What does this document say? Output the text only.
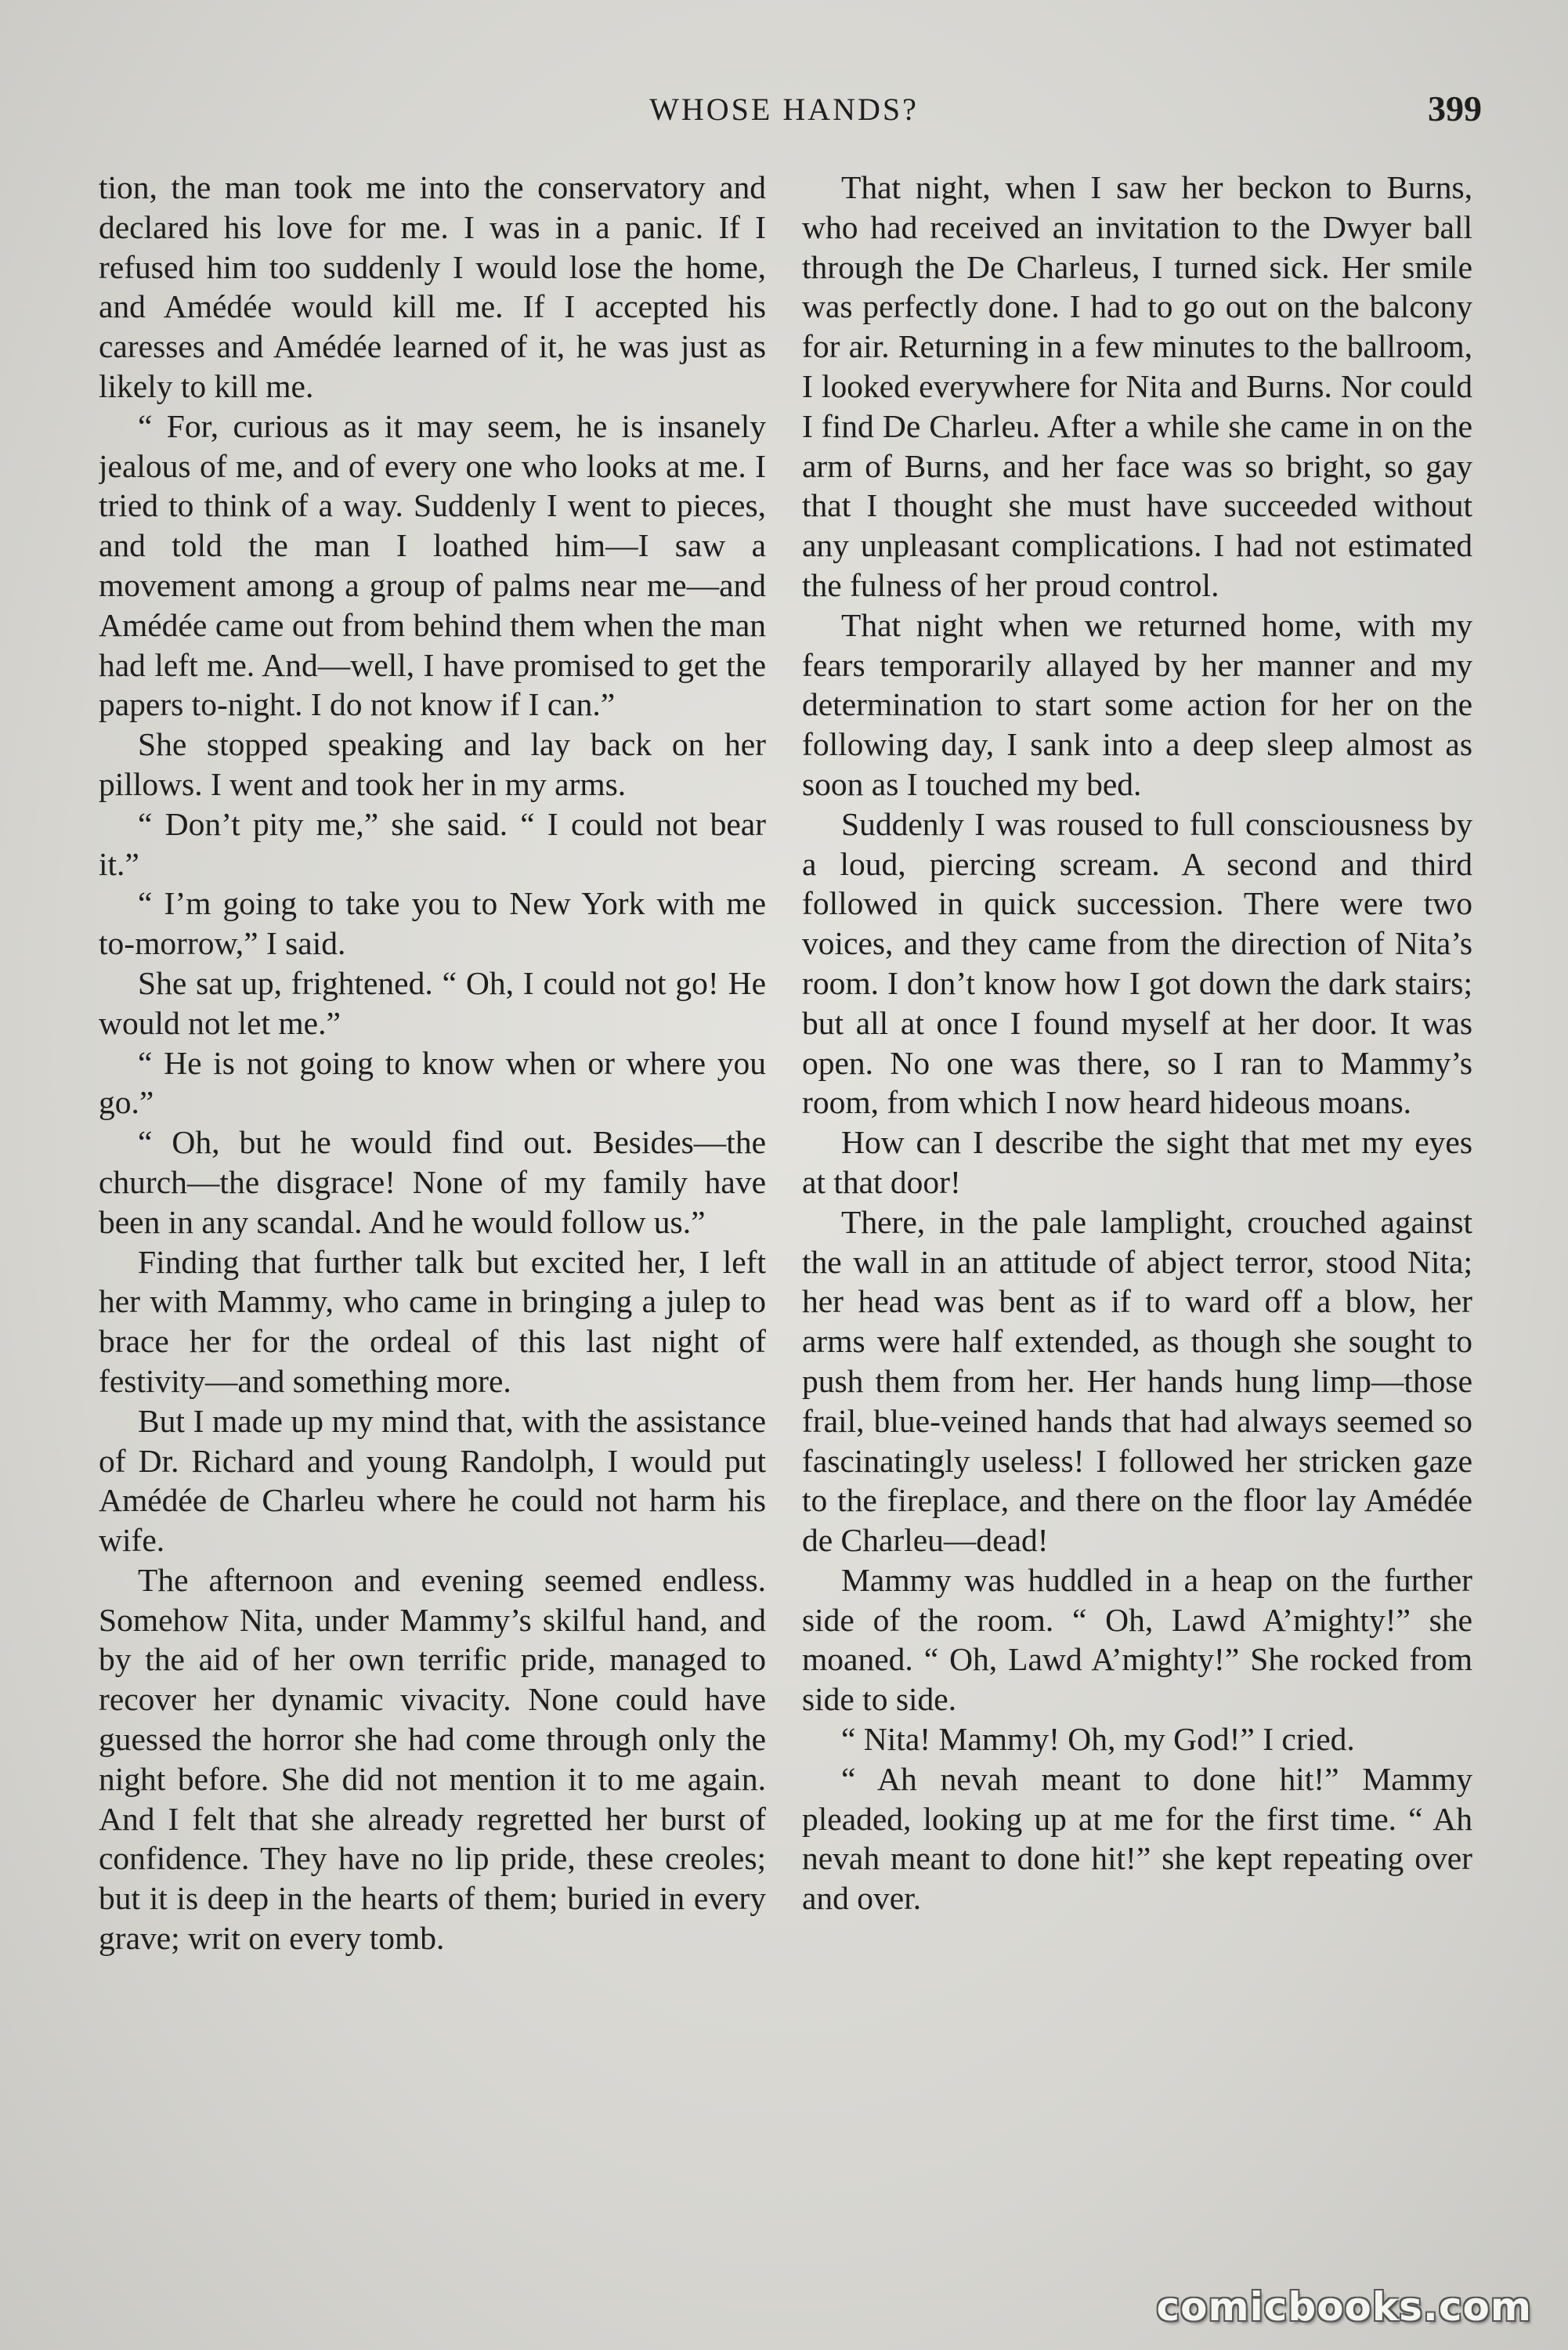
WHOSE HANDS?	399

tion, the man took me into the conservatory and declared his love for me. I was in a panic. If I refused him too suddenly I would lose the home, and Amédée would kill me. If I accepted his caresses and Amédée learned of it, he was just as likely to kill me.

“ For, curious as it may seem, he is insanely jealous of me, and of every one who looks at me. I tried to think of a way. Suddenly I went to pieces, and told the man I loathed him—I saw a movement among a group of palms near me—and Amédée came out from behind them when the man had left me. And—well, I have promised to get the papers to-night. I do not know if I can.”

She stopped speaking and lay back on her pillows. I went and took her in my arms.

“ Don’t pity me,” she said. “ I could not bear it.”

“ I’m going to take you to New York with me to-morrow,” I said.

She sat up, frightened. “ Oh, I could not go! He would not let me.”

“ He is not going to know when or where you go.”

“ Oh, but he would find out. Besides—the church—the disgrace! None of my family have been in any scandal. And he would follow us.”

Finding that further talk but excited her, I left her with Mammy, who came in bringing a julep to brace her for the ordeal of this last night of festivity—and something more.

But I made up my mind that, with the assistance of Dr. Richard and young Randolph, I would put Amédée de Charleu where he could not harm his wife.

The afternoon and evening seemed endless. Somehow Nita, under Mammy’s skilful hand, and by the aid of her own terrific pride, managed to recover her dynamic vivacity. None could have guessed the horror she had come through only the night before. She did not mention it to me again. And I felt that she already regretted her burst of confidence. They have no lip pride, these creoles; but it is deep in the hearts of them; buried in every grave; writ on every tomb.

That night, when I saw her beckon to Burns, who had received an invitation to the Dwyer ball through the De Charleus, I turned sick. Her smile was perfectly done. I had to go out on the balcony for air. Returning in a few minutes to the ballroom, I looked everywhere for Nita and Burns. Nor could I find De Charleu. After a while she came in on the arm of Burns, and her face was so bright, so gay that I thought she must have succeeded without any unpleasant complications. I had not estimated the fulness of her proud control.

That night when we returned home, with my fears temporarily allayed by her manner and my determination to start some action for her on the following day, I sank into a deep sleep almost as soon as I touched my bed.

Suddenly I was roused to full consciousness by a loud, piercing scream. A second and third followed in quick succession. There were two voices, and they came from the direction of Nita’s room. I don’t know how I got down the dark stairs; but all at once I found myself at her door. It was open. No one was there, so I ran to Mammy’s room, from which I now heard hideous moans.

How can I describe the sight that met my eyes at that door!

There, in the pale lamplight, crouched against the wall in an attitude of abject terror, stood Nita; her head was bent as if to ward off a blow, her arms were half extended, as though she sought to push them from her. Her hands hung limp—those frail, blue-veined hands that had always seemed so fascinatingly useless! I followed her stricken gaze to the fireplace, and there on the floor lay Amédée de Charleu—dead!

Mammy was huddled in a heap on the further side of the room. “ Oh, Lawd A’mighty!” she moaned. “ Oh, Lawd A’mighty!” She rocked from side to side.

“ Nita! Mammy! Oh, my God!” I cried.

“ Ah nevah meant to done hit!” Mammy pleaded, looking up at me for the first time. “ Ah nevah meant to done hit!” she kept repeating over and over.

comicbooks.com
